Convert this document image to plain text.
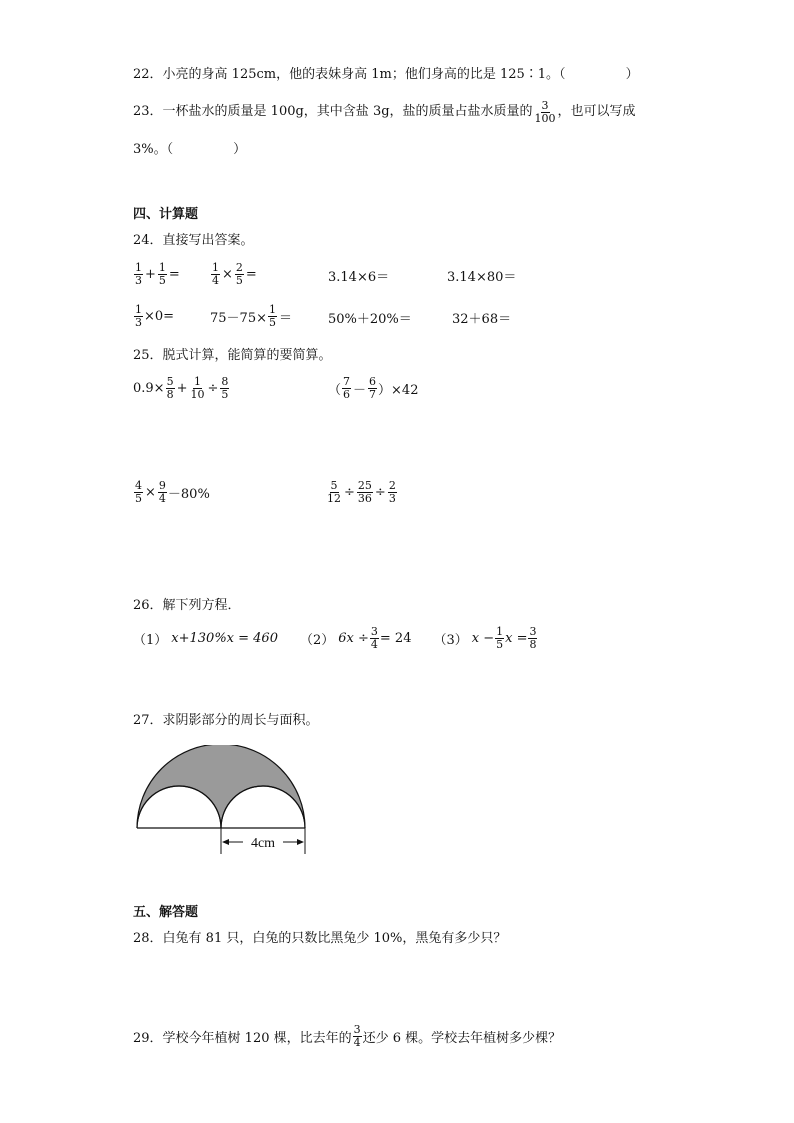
22．小亮的身高 125cm，他的表妹身高 1m；他们身高的比是 125∶1。（	）
23．一杯盐水的质量是 100g，其中含盐 3g，盐的质量占盐水质量的 $\frac{3}{100}$ ，也可以写成
3%。（	）
四、计算题
24．直接写出答案。
$\frac{1}{3} + \frac{1}{5}$ =	$\frac{1}{4} \times \frac{2}{5}$ =	3.14×6＝	3.14×80＝
$\frac{1}{3} \times 0=$	$75-75\times \frac{1}{5}$ ＝	50%＋20%＝	32＋68＝
25．脱式计算，能简算的要简算。
$0.9\times \frac{5}{8} + \frac{1}{10} \div \frac{8}{5}$	（ $\frac{7}{6} - \frac{6}{7} )\times 42$
$\frac{4}{5} \times \frac{9}{4} -80\%$	$\frac{5}{12} \div \frac{25}{36} \div \frac{2}{3}$
26．解下列方程．
（1） x+130%x = 460 （2） $6x \div \frac{3}{4} = 24$ （3） $x - \frac{1}{5}$ $x = \frac{3}{8}$
27．求阴影部分的周长与面积。
4cm
五、解答题
28．白兔有 81 只，白兔的只数比黑兔少 10%，黑兔有多少只？
29．学校今年植树 120 棵，比去年的 $\frac{3}{4}$ 还少 6 棵。学校去年植树多少棵？
